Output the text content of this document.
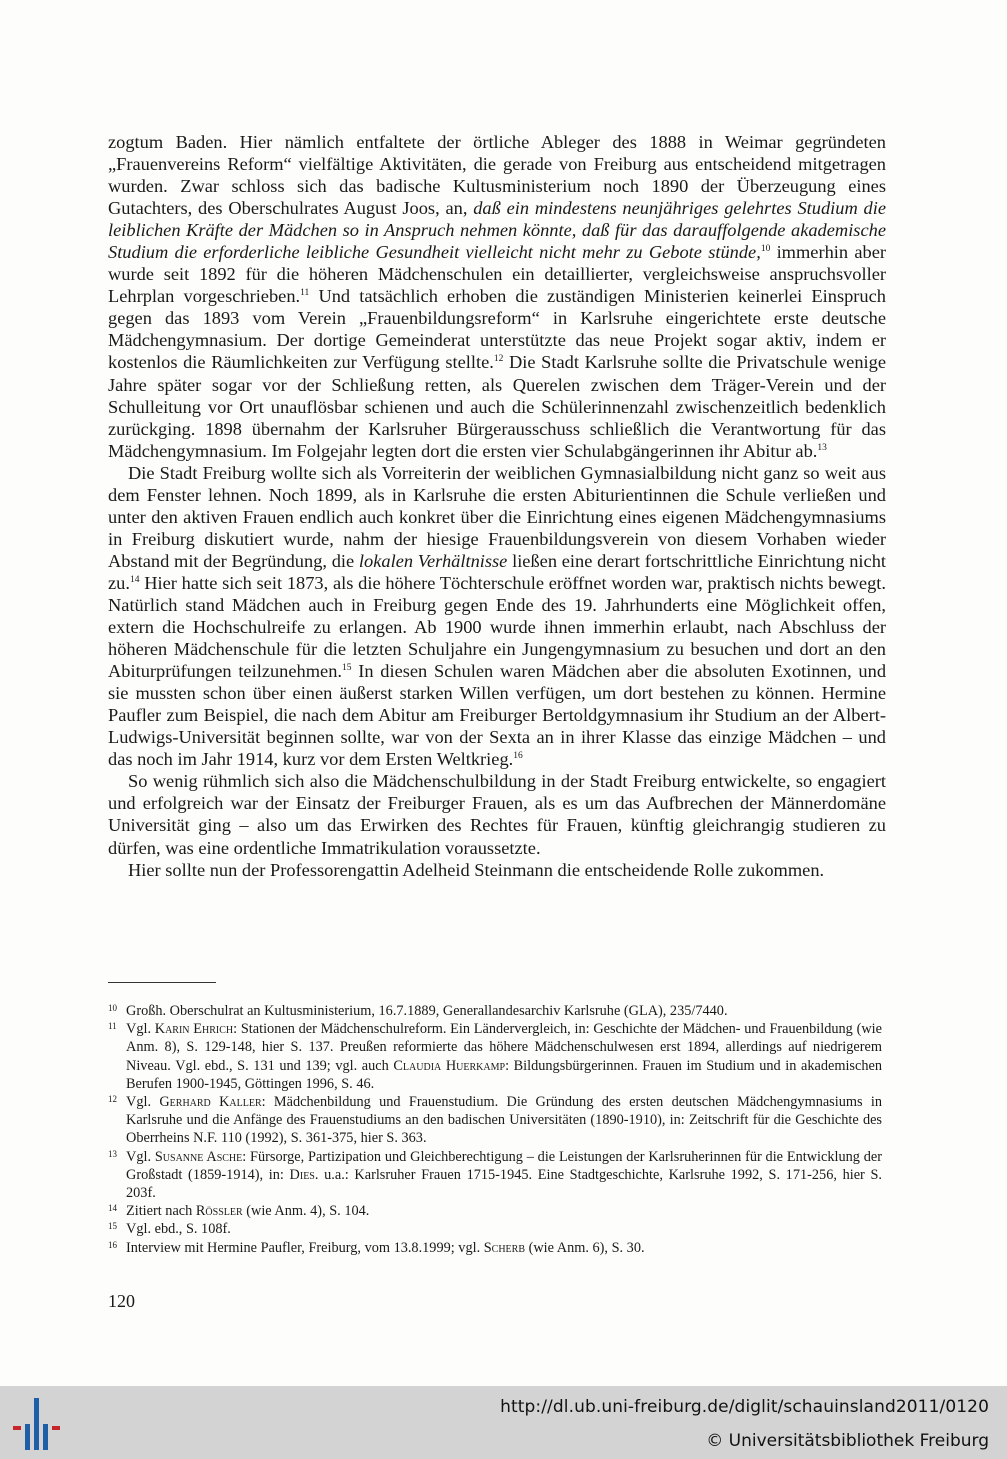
zogtum Baden. Hier nämlich entfaltete der örtliche Ableger des 1888 in Weimar gegründeten „Frauenvereins Reform“ vielfältige Aktivitäten, die gerade von Freiburg aus entscheidend mitgetragen wurden. Zwar schloss sich das badische Kultusministerium noch 1890 der Überzeugung eines Gutachters, des Oberschulrates August Joos, an, daß ein mindestens neunjähriges gelehrtes Studium die leiblichen Kräfte der Mädchen so in Anspruch nehmen könnte, daß für das darauffolgende akademische Studium die erforderliche leibliche Gesundheit vielleicht nicht mehr zu Gebote stünde,$^{10}$ immerhin aber wurde seit 1892 für die höheren Mädchenschulen ein detaillierter, vergleichsweise anspruchsvoller Lehrplan vorgeschrieben.$^{11}$ Und tatsächlich erhoben die zuständigen Ministerien keinerlei Einspruch gegen das 1893 vom Verein „Frauenbildungsreform“ in Karlsruhe eingerichtete erste deutsche Mädchengymnasium. Der dortige Gemeinderat unterstützte das neue Projekt sogar aktiv, indem er kostenlos die Räumlichkeiten zur Verfügung stellte.$^{12}$ Die Stadt Karlsruhe sollte die Privatschule wenige Jahre später sogar vor der Schließung retten, als Querelen zwischen dem Träger-Verein und der Schulleitung vor Ort unauflösbar schienen und auch die Schülerinnenzahl zwischenzeitlich bedenklich zurückging. 1898 übernahm der Karlsruher Bürgerausschuss schließlich die Verantwortung für das Mädchengymnasium. Im Folgejahr legten dort die ersten vier Schulabgängerinnen ihr Abitur ab.$^{13}$

Die Stadt Freiburg wollte sich als Vorreiterin der weiblichen Gymnasialbildung nicht ganz so weit aus dem Fenster lehnen. Noch 1899, als in Karlsruhe die ersten Abiturientinnen die Schule verließen und unter den aktiven Frauen endlich auch konkret über die Einrichtung eines eigenen Mädchengymnasiums in Freiburg diskutiert wurde, nahm der hiesige Frauenbildungsverein von diesem Vorhaben wieder Abstand mit der Begründung, die lokalen Verhältnisse ließen eine derart fortschrittliche Einrichtung nicht zu.$^{14}$ Hier hatte sich seit 1873, als die höhere Töchterschule eröffnet worden war, praktisch nichts bewegt. Natürlich stand Mädchen auch in Freiburg gegen Ende des 19. Jahrhunderts eine Möglichkeit offen, extern die Hochschulreife zu erlangen. Ab 1900 wurde ihnen immerhin erlaubt, nach Abschluss der höheren Mädchenschule für die letzten Schuljahre ein Jungengymnasium zu besuchen und dort an den Abiturprüfungen teilzunehmen.$^{15}$ In diesen Schulen waren Mädchen aber die absoluten Exotinnen, und sie mussten schon über einen äußerst starken Willen verfügen, um dort bestehen zu können. Hermine Paufler zum Beispiel, die nach dem Abitur am Freiburger Bertoldgymnasium ihr Studium an der Albert-Ludwigs-Universität beginnen sollte, war von der Sexta an in ihrer Klasse das einzige Mädchen – und das noch im Jahr 1914, kurz vor dem Ersten Weltkrieg.$^{16}$

So wenig rühmlich sich also die Mädchenschulbildung in der Stadt Freiburg entwickelte, so engagiert und erfolgreich war der Einsatz der Freiburger Frauen, als es um das Aufbrechen der Männerdomäne Universität ging – also um das Erwirken des Rechtes für Frauen, künftig gleichrangig studieren zu dürfen, was eine ordentliche Immatrikulation voraussetzte.

Hier sollte nun der Professorengattin Adelheid Steinmann die entscheidende Rolle zukommen.

10 Großh. Oberschulrat an Kultusministerium, 16.7.1889, Generallandesarchiv Karlsruhe (GLA), 235/7440.

11 Vgl. Karin Ehrich: Stationen der Mädchenschulreform. Ein Ländervergleich, in: Geschichte der Mädchen- und Frauenbildung (wie Anm. 8), S. 129-148, hier S. 137. Preußen reformierte das höhere Mädchenschulwesen erst 1894, allerdings auf niedrigerem Niveau. Vgl. ebd., S. 131 und 139; vgl. auch Claudia Huerkamp: Bildungsbürgerinnen. Frauen im Studium und in akademischen Berufen 1900-1945, Göttingen 1996, S. 46.

12 Vgl. Gerhard Kaller: Mädchenbildung und Frauenstudium. Die Gründung des ersten deutschen Mädchengymnasiums in Karlsruhe und die Anfänge des Frauenstudiums an den badischen Universitäten (1890-1910), in: Zeitschrift für die Geschichte des Oberrheins N.F. 110 (1992), S. 361-375, hier S. 363.

13 Vgl. Susanne Asche: Fürsorge, Partizipation und Gleichberechtigung – die Leistungen der Karlsruherinnen für die Entwicklung der Großstadt (1859-1914), in: Dies. u.a.: Karlsruher Frauen 1715-1945. Eine Stadtgeschichte, Karlsruhe 1992, S. 171-256, hier S. 203f.

14 Zitiert nach Rössler (wie Anm. 4), S. 104.

15 Vgl. ebd., S. 108f.

16 Interview mit Hermine Paufler, Freiburg, vom 13.8.1999; vgl. Scherb (wie Anm. 6), S. 30.

120
http://dl.ub.uni-freiburg.de/diglit/schauinsland2011/0120
© Universitätsbibliothek Freiburg
